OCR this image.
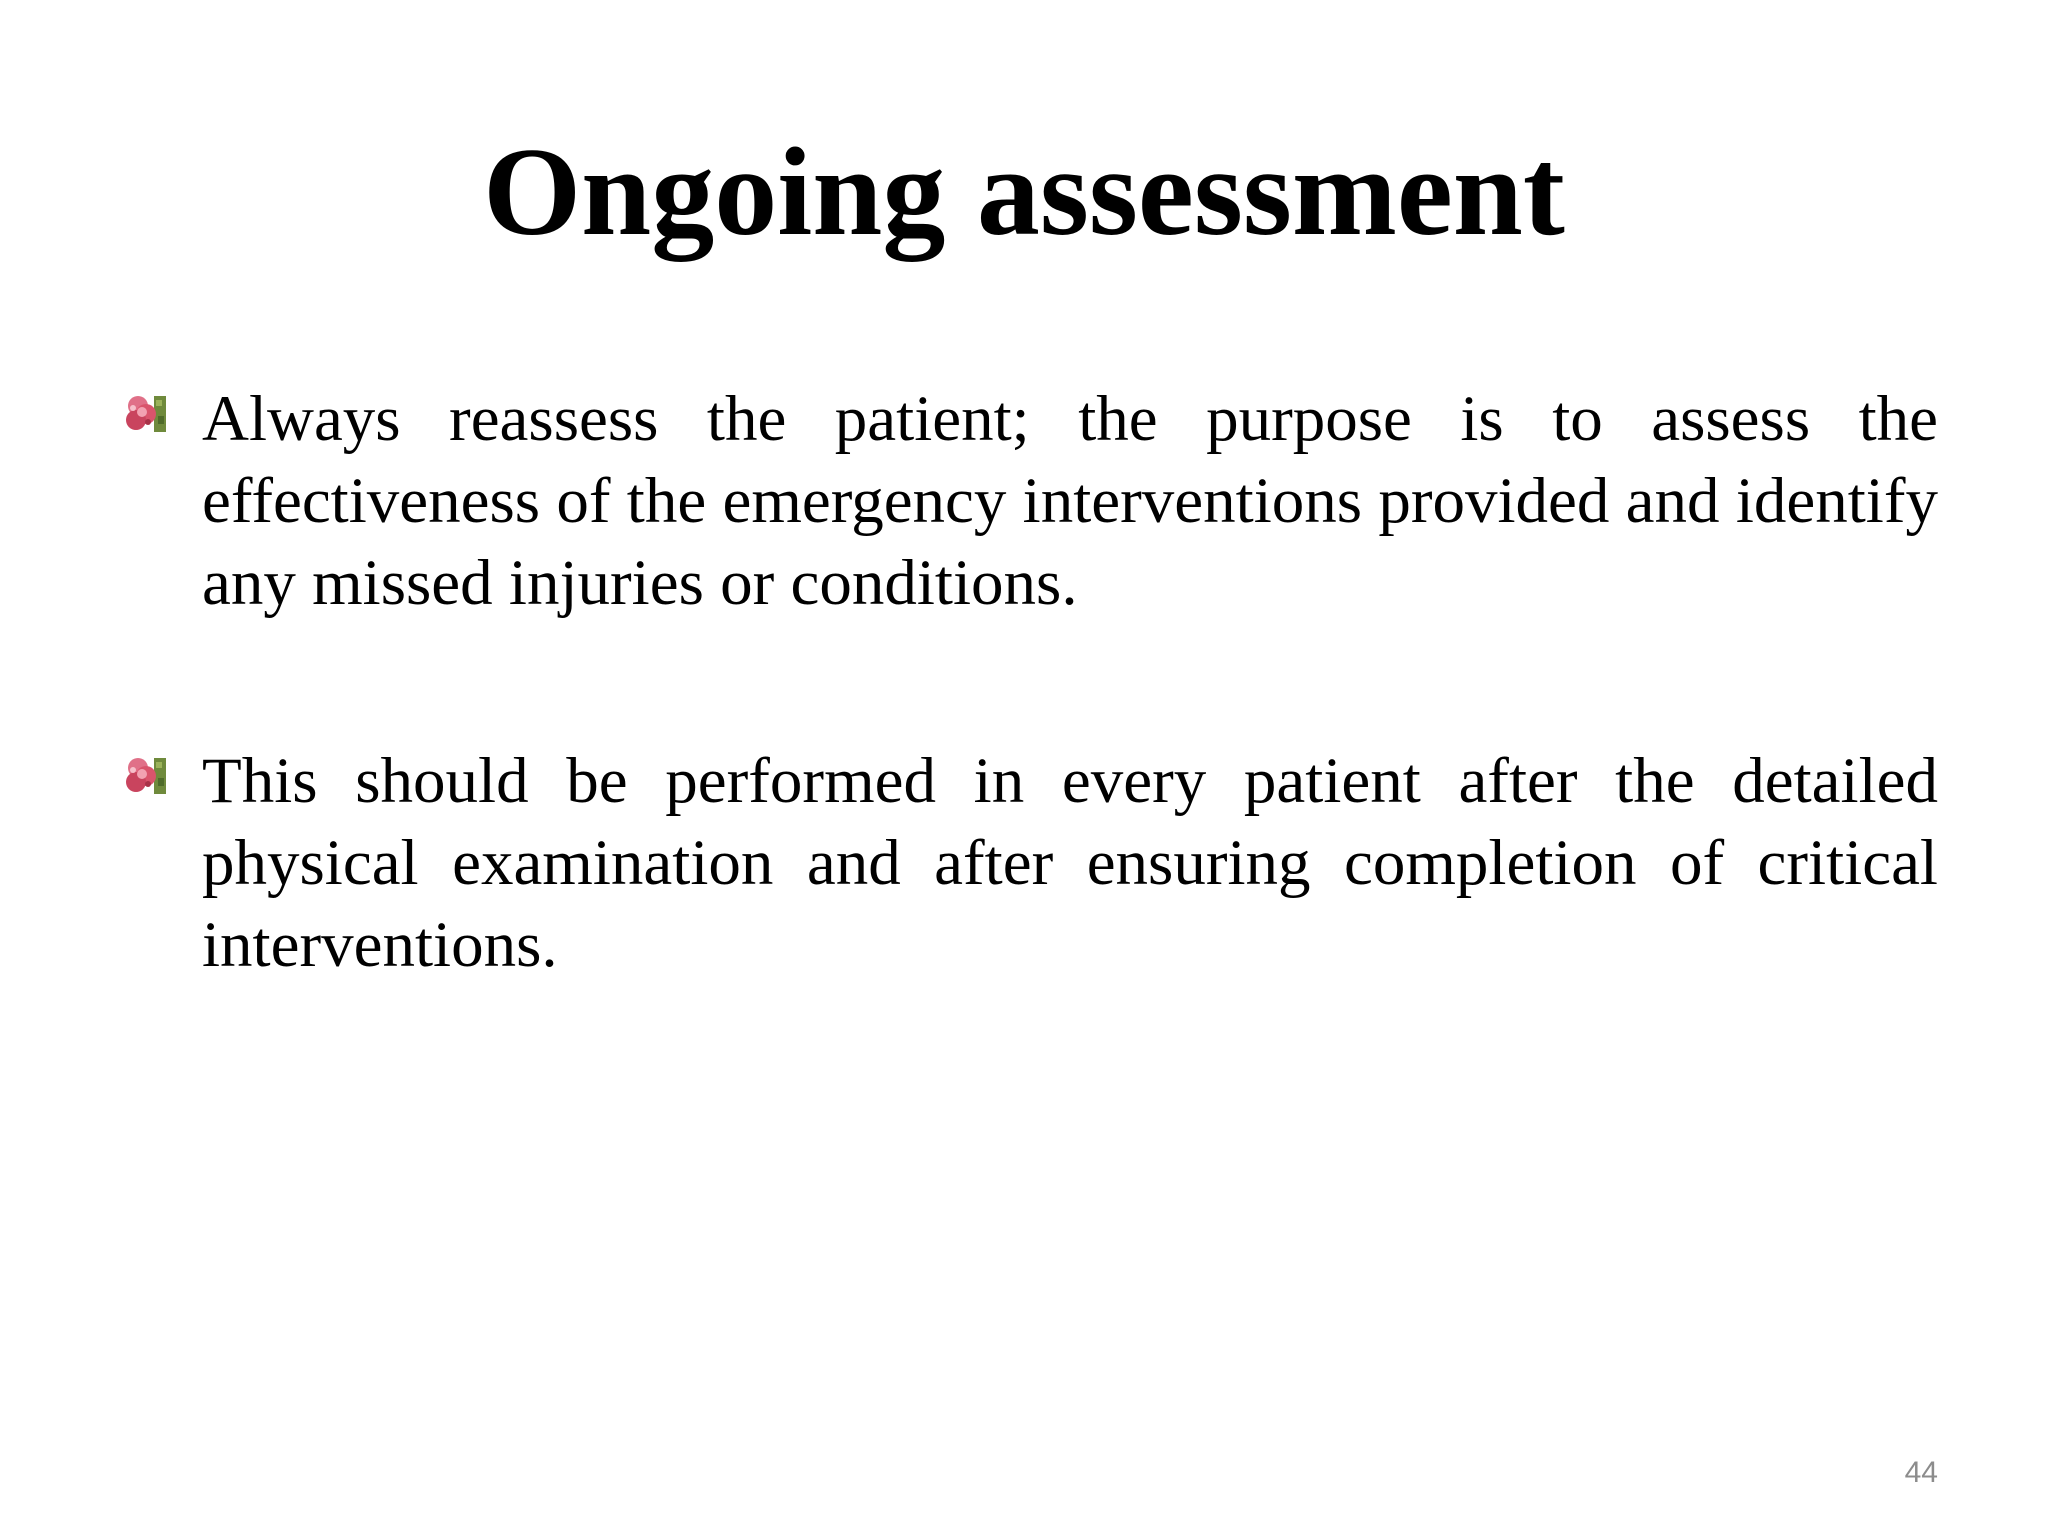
Ongoing assessment

Always reassess the patient; the purpose is to assess the effectiveness of the emergency interventions provided and identify any missed injuries or conditions.

This should be performed in every patient after the detailed physical examination and after ensuring completion of critical interventions.

44
